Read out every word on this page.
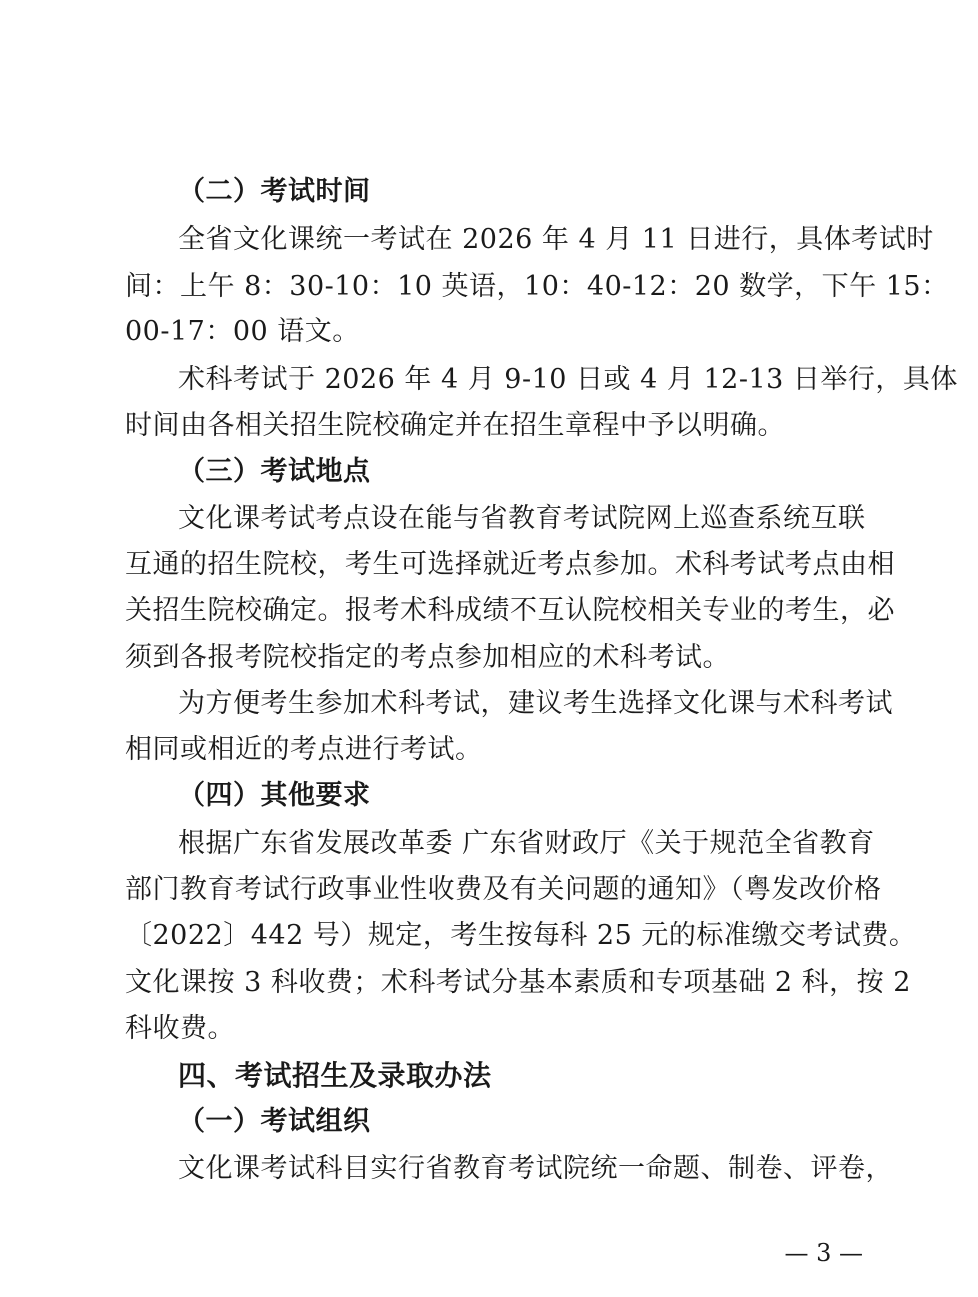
（二）考试时间
全省文化课统一考试在 2026 年 4 月 11 日进行，具体考试时
间：上午 8：30-10：10 英语，10：40-12：20 数学，下午 15：
00-17：00 语文。
术科考试于 2026 年 4 月 9-10 日或 4 月 12-13 日举行，具体
时间由各相关招生院校确定并在招生章程中予以明确。
（三）考试地点
文化课考试考点设在能与省教育考试院网上巡查系统互联
互通的招生院校，考生可选择就近考点参加。术科考试考点由相
关招生院校确定。报考术科成绩不互认院校相关专业的考生，必
须到各报考院校指定的考点参加相应的术科考试。
为方便考生参加术科考试，建议考生选择文化课与术科考试
相同或相近的考点进行考试。
（四）其他要求
根据广东省发展改革委 广东省财政厅《关于规范全省教育
部门教育考试行政事业性收费及有关问题的通知》（粤发改价格
〔2022〕442 号）规定，考生按每科 25 元的标准缴交考试费。
文化课按 3 科收费；术科考试分基本素质和专项基础 2 科，按 2
科收费。
四、考试招生及录取办法
（一）考试组织
文化课考试科目实行省教育考试院统一命题、制卷、评卷，
— 3 —
